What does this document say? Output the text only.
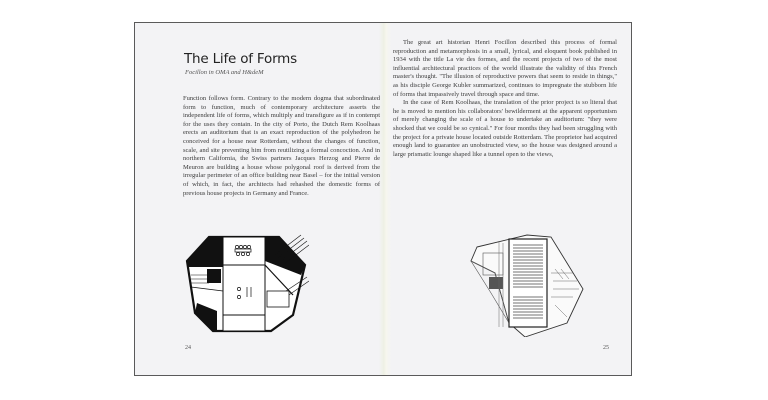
The Life of Forms
Focillon in OMA and H&deM

Function follows form. Contrary to the modern dogma that subordinated form to function, much of contemporary architecture asserts the independent life of forms, which multiply and transfigure as if in contempt for the uses they contain. In the city of Porto, the Dutch Rem Koolhaas erects an auditorium that is an exact reproduction of the polyhedron he conceived for a house near Rotterdam, without the changes of function, scale, and site preventing him from reutilizing a formal concoction. And in northern California, the Swiss partners Jacques Herzog and Pierre de Meuron are building a house whose polygonal roof is derived from the irregular perimeter of an office building near Basel – for the initial version of which, in fact, the architects had rehashed the domestic forms of previous house projects in Germany and France.

24

The great art historian Henri Focillon described this process of formal reproduction and metamorphosis in a small, lyrical, and eloquent book published in 1934 with the title La vie des formes, and the recent projects of two of the most influential architectural practices of the world illustrate the validity of this French master's thought. "The illusion of reproductive powers that seem to reside in things," as his disciple George Kubler summarized, continues to impregnate the stubborn life of forms that impassively travel through space and time.

In the case of Rem Koolhaas, the translation of the prior project is so literal that he is moved to mention his collaborators' bewilderment at the apparent opportunism of merely changing the scale of a house to undertake an auditorium: "they were shocked that we could be so cynical." For four months they had been struggling with the project for a private house located outside Rotterdam. The proprietor had acquired enough land to guarantee an unobstructed view, so the house was designed around a large prismatic lounge shaped like a tunnel open to the views,

25
